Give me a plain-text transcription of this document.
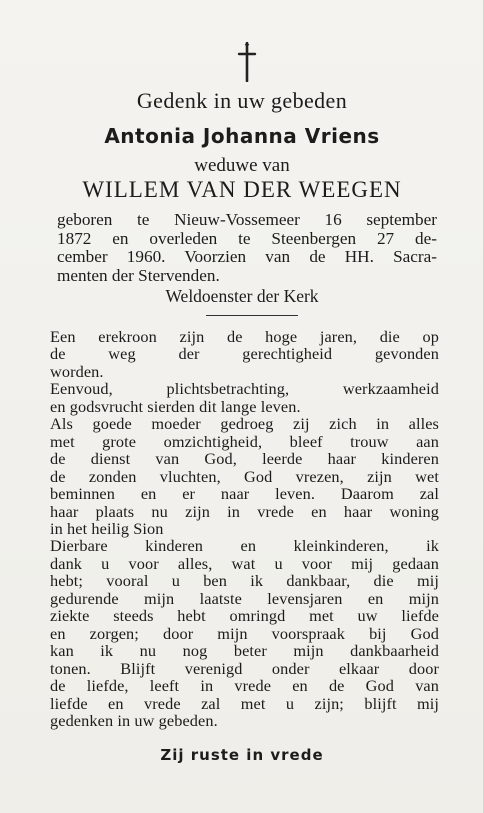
Gedenk in uw gebeden
Antonia Johanna Vriens
weduwe van
WILLEM VAN DER WEEGEN
geboren te Nieuw-Vossemeer 16 september
1872 en overleden te Steenbergen 27 de-
cember 1960. Voorzien van de HH. Sacra-
menten der Stervenden.
Weldoenster der Kerk
Een erekroon zijn de hoge jaren, die op
de weg der gerechtigheid gevonden
worden.
Eenvoud, plichtsbetrachting, werkzaamheid
en godsvrucht sierden dit lange leven.
Als goede moeder gedroeg zij zich in alles
met grote omzichtigheid, bleef trouw aan
de dienst van God, leerde haar kinderen
de zonden vluchten, God vrezen, zijn wet
beminnen en er naar leven. Daarom zal
haar plaats nu zijn in vrede en haar woning
in het heilig Sion
Dierbare kinderen en kleinkinderen, ik
dank u voor alles, wat u voor mij gedaan
hebt; vooral u ben ik dankbaar, die mij
gedurende mijn laatste levensjaren en mijn
ziekte steeds hebt omringd met uw liefde
en zorgen; door mijn voorspraak bij God
kan ik nu nog beter mijn dankbaarheid
tonen. Blijft verenigd onder elkaar door
de liefde, leeft in vrede en de God van
liefde en vrede zal met u zijn; blijft mij
gedenken in uw gebeden.
Zij ruste in vrede
